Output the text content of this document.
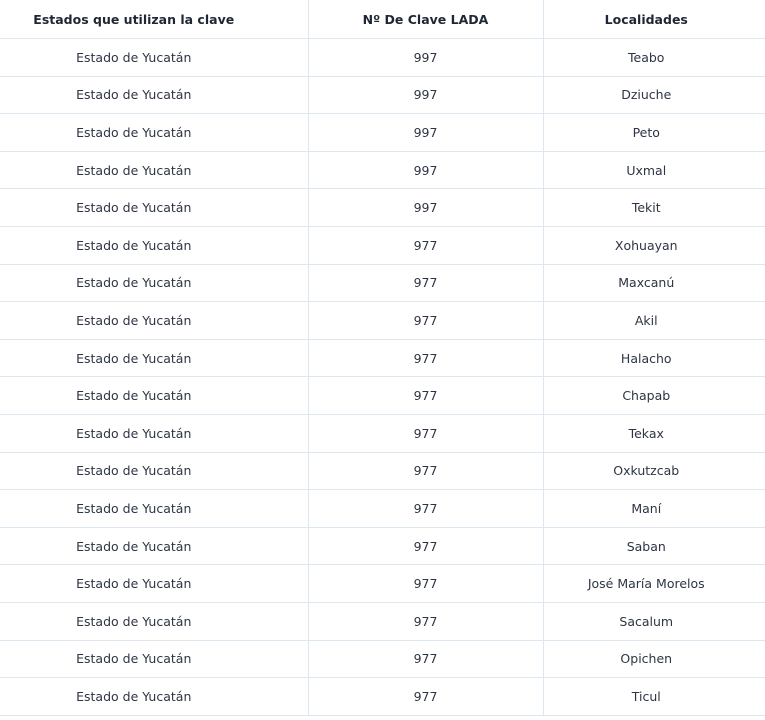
Estados que utilizan la clave	Nº De Clave LADA	Localidades
Estado de Yucatán	997	Teabo
Estado de Yucatán	997	Dziuche
Estado de Yucatán	997	Peto
Estado de Yucatán	997	Uxmal
Estado de Yucatán	997	Tekit
Estado de Yucatán	977	Xohuayan
Estado de Yucatán	977	Maxcanú
Estado de Yucatán	977	Akil
Estado de Yucatán	977	Halacho
Estado de Yucatán	977	Chapab
Estado de Yucatán	977	Tekax
Estado de Yucatán	977	Oxkutzcab
Estado de Yucatán	977	Maní
Estado de Yucatán	977	Saban
Estado de Yucatán	977	José María Morelos
Estado de Yucatán	977	Sacalum
Estado de Yucatán	977	Opichen
Estado de Yucatán	977	Ticul
